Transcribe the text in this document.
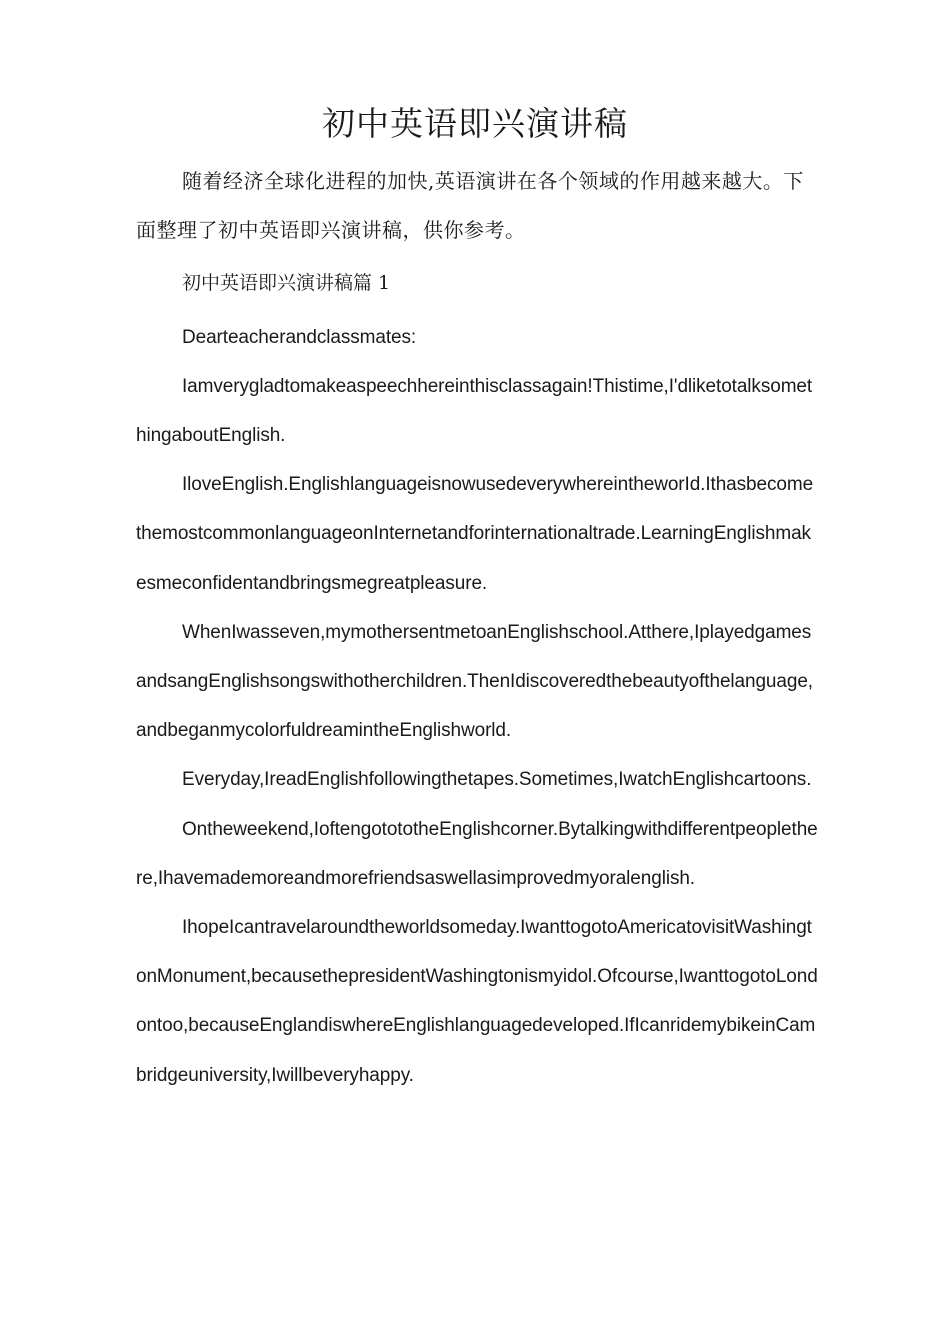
初中英语即兴演讲稿

随着经济全球化进程的加快,英语演讲在各个领域的作用越来越大。下面整理了初中英语即兴演讲稿，供你参考。

初中英语即兴演讲稿篇 1

Dearteacherandclassmates:

Iamverygladtomakeaspeechhereinthisclassagain!Thistime,I'dliketotalksomethingaboutEnglish.

IloveEnglish.EnglishlanguageisnowusedeverywhereintheworId.IthasbecomethemostcommonlanguageonInternetandforinternationaltrade.LearningEnglishmakesmeconfidentandbringsmegreatpleasure.

WhenIwasseven,mymothersentmetoanEnglishschool.Atthere,IplayedgamesandsangEnglishsongswithotherchildren.ThenIdiscoveredthebeautyofthelanguage,andbeganmycolorfuldreamintheEnglishworld.

Everyday,IreadEnglishfollowingthetapes.Sometimes,IwatchEnglishcartoons.

Ontheweekend,IoftengotototheEnglishcorner.Bytalkingwithdifferentpeoplethere,Ihavemademoreandmorefriendsaswellasimprovedmyoralenglish.

IhopeIcantravelaroundtheworldsomeday.IwanttogotoAmericatovisitWashingtonMonument,becausethepresidentWashingtonismyidol.Ofcourse,IwanttogotoLondontoo,becauseEnglandiswhereEnglishlanguagedeveloped.IfIcanridemybikeinCambridgeuniversity,Iwillbeveryhappy.
